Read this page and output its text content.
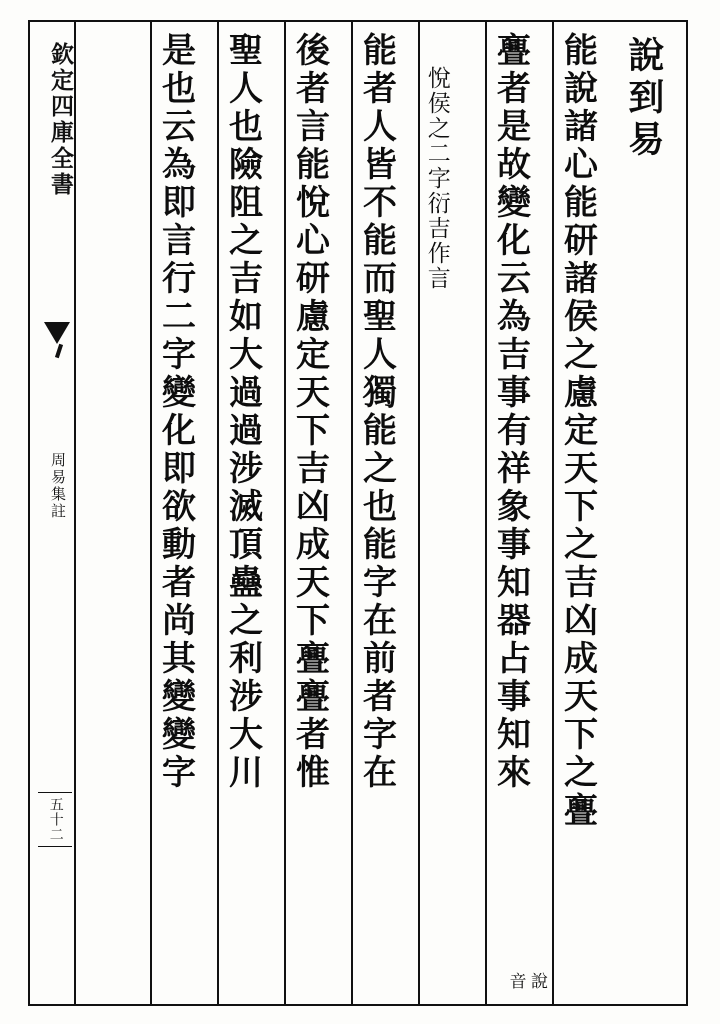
欽定四庫全書
周易集註
五十二
說到易
能說諸心能研諸侯之慮定天下之吉凶成天下之亹
亹者是故變化云為吉事有祥象事知器占事知來
說
音
悅侯之二字衍吉作言
能者人皆不能而聖人獨能之也能字在前者字在
後者言能悅心研慮定天下吉凶成天下亹亹者惟
聖人也險阻之吉如大過過涉滅頂蠱之利涉大川
是也云為即言行二字變化即欲動者尚其變變字
